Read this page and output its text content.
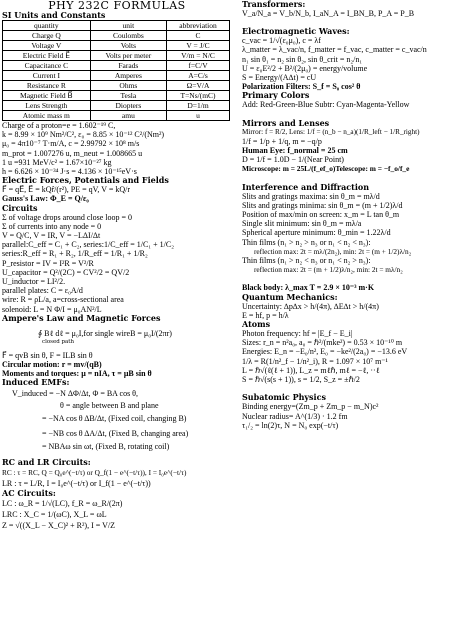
PHY 232C FORMULAS
SI Units and Constants
quantity	unit	abbreviation
Charge Q	Coulombs	C
Voltage V	Volts	V = J/C
Electric Field E⃗	Volts per meter	V/m = N/C
Capacitance C	Farads	f=C/V
Current I	Amperes	A=C/s
Resistance R	Ohms	Ω=V/A
Magnetic Field B⃗	Tesla	T=Ns/(mC)
Lens Strength	Diopters	D=1/m
Atomic mass m	amu	u
Charge of a proton=e = 1.602⁻¹⁹ C,
k = 8.99 × 10⁹ Nm²/C², ε₀ = 8.85 × 10⁻¹² C²/(Nm²)
μ₀ = 4π10⁻⁷ T·m/A, c = 2.99792 × 10⁸ m/s
m_prot = 1.007276 u, m_neut = 1.008665 u
1 u =931 MeV/c² = 1.67×10⁻²⁷ kg
h = 6.626 × 10⁻³⁴ J·s = 4.136 × 10⁻¹⁵eV·s
Electric Forces, Potentials and Fields
F⃗ = qE⃗, E⃗ = kQr̂/(r²), PE = qV, V = kQ/r
Gauss's Law: Φ_E = Q/ε₀
Circuits
Σ of voltage drops around close loop = 0
Σ of currents into any node = 0
V = Q/C, V = IR, V = −LΔI/Δt
parallel:C_eff = C₁ + C₂, series:1/C_eff = 1/C₁ + 1/C₂
series:R_eff = R₁ + R₂, 1/R_eff = 1/R₁ + 1/R₂
P_resistor = IV = I²R = V²/R
U_capacitor = Q²/(2C) = CV²/2 = QV/2
U_inductor = LI²/2.
parallel plates: C = ε₀A/d
wire: R = ρL/a, a=cross-sectional area
solenoid: L = N Φ/I = μ₀AN²/L
Ampere's Law and Magnetic Forces
∮ Bℓ dℓ = μ₀I,for single wireB = μ₀I/(2πr)
closed path
F⃗ = qvB sin θ, F = ILB sin θ
Circular motion: r = mv/(qB)
Moments and torques: μ = nIA, τ = μB sin θ
Induced EMFs:
V_induced = −N ΔΦ/Δt, Φ = BA cos θ,
θ = angle between B and plane
= −NA cos θ ΔB/Δt, (Fixed coil, changing B)
= −NB cos θ ΔA/Δt, (Fixed B, changing area)
= NBAω sin ωt, (Fixed B, rotating coil)
RC and LR Circuits:
RC : τ = RC, Q = Q₀e^(−t/τ) or Q_f(1 − e^(−t/τ)), I = I₀e^(−t/τ)
LR : τ = L/R, I = I₀e^(−t/τ) or I_f(1 − e^(−t/τ))
AC Circuits:
LC : ω_R = 1/√(LC), f_R = ω_R/(2π)
LRC : X_C = 1/(ωC), X_L = ωL
Z = √((X_L − X_C)² + R²), I = V/Z
Transformers:
V_a/N_a = V_b/N_b, I_aN_A = I_BN_B, P_A = P_B
Electromagnetic Waves:
c_vac = 1/√(ε₀μ₀), c = λf
λ_matter = λ_vac/n, f_matter = f_vac, c_matter = c_vac/n
n₁ sin θ₁ = n₂ sin θ₂, sin θ_crit = n₂/n₁
U = ε₀E²/2 + B²/(2μ₀) = energy/volume
S = Energy/(A∆t) = cU
Polarization Filters: S_f = S₀ cos² θ
Primary Colors
Add: Red-Green-Blue Subtr: Cyan-Magenta-Yellow
Mirrors and Lenses
Mirror: f = R/2, Lens: 1/f = (n_b − n_a)(1/R_left − 1/R_right)
1/f = 1/p + 1/q, m = −q/p
Human Eye: f_normal = 25 cm
D = 1/f = 1.0D − 1/(Near Point)
Microscope: m = 25L/(f_ef_o)Telescope: m = −f_o/f_e
Interference and Diffraction
Slits and gratings maxima: sin θ_m = mλ/d
Slits and gratings minima: sin θ_m = (m + 1/2)λ/d
Position of max/min on screen: x_m = L tan θ_m
Single slit minimum: sin θ_m = mλ/a
Spherical aperture minimum: θ_min = 1.22λ/d
Thin films (n₁ > n₂ > n₃ or n₁ < n₂ < n₃):
reflection max: 2t = mλ/(2n₂), min: 2t = (m + 1/2)λ/n₂
Thin films (n₁ > n₂ < n₃ or n₁ < n₂ > n₃):
reflection max: 2t = (m + 1/2)λ/n₂, min: 2t = mλ/n₂
Black body: λ_max T = 2.9 × 10⁻³ m·K
Quantum Mechanics:
Uncertainty: ∆p∆x > h/(4π), ∆E∆t > h/(4π)
E = hf, p = h/λ
Atoms
Photon frequency: hf = |E_f − E_i|
Sizes: r_n = n²a₀, a₀ = ℏ²/(mke²) = 0.53 × 10⁻¹⁰ m
Energies: E_n = −E₀/n², E₀ = −ke²/(2a₀) = −13.6 eV
1/λ = R(1/n²_f − 1/n²_i), R = 1.097 × 10⁷ m⁻¹
L = ℏ√(ℓ(ℓ + 1)), L_z = mℓℏ, mℓ = −ℓ, ··ℓ
S = ℏ√(s(s + 1)), s = 1/2, S_z = ±ℏ/2
Subatomic Physics
Binding energy=(Zm_p + Zm_p − m_N)c²
Nuclear radius= A^(1/3) · 1.2 fm
τ₁/₂ = ln(2)τ, N = N₀ exp(−t/τ)
